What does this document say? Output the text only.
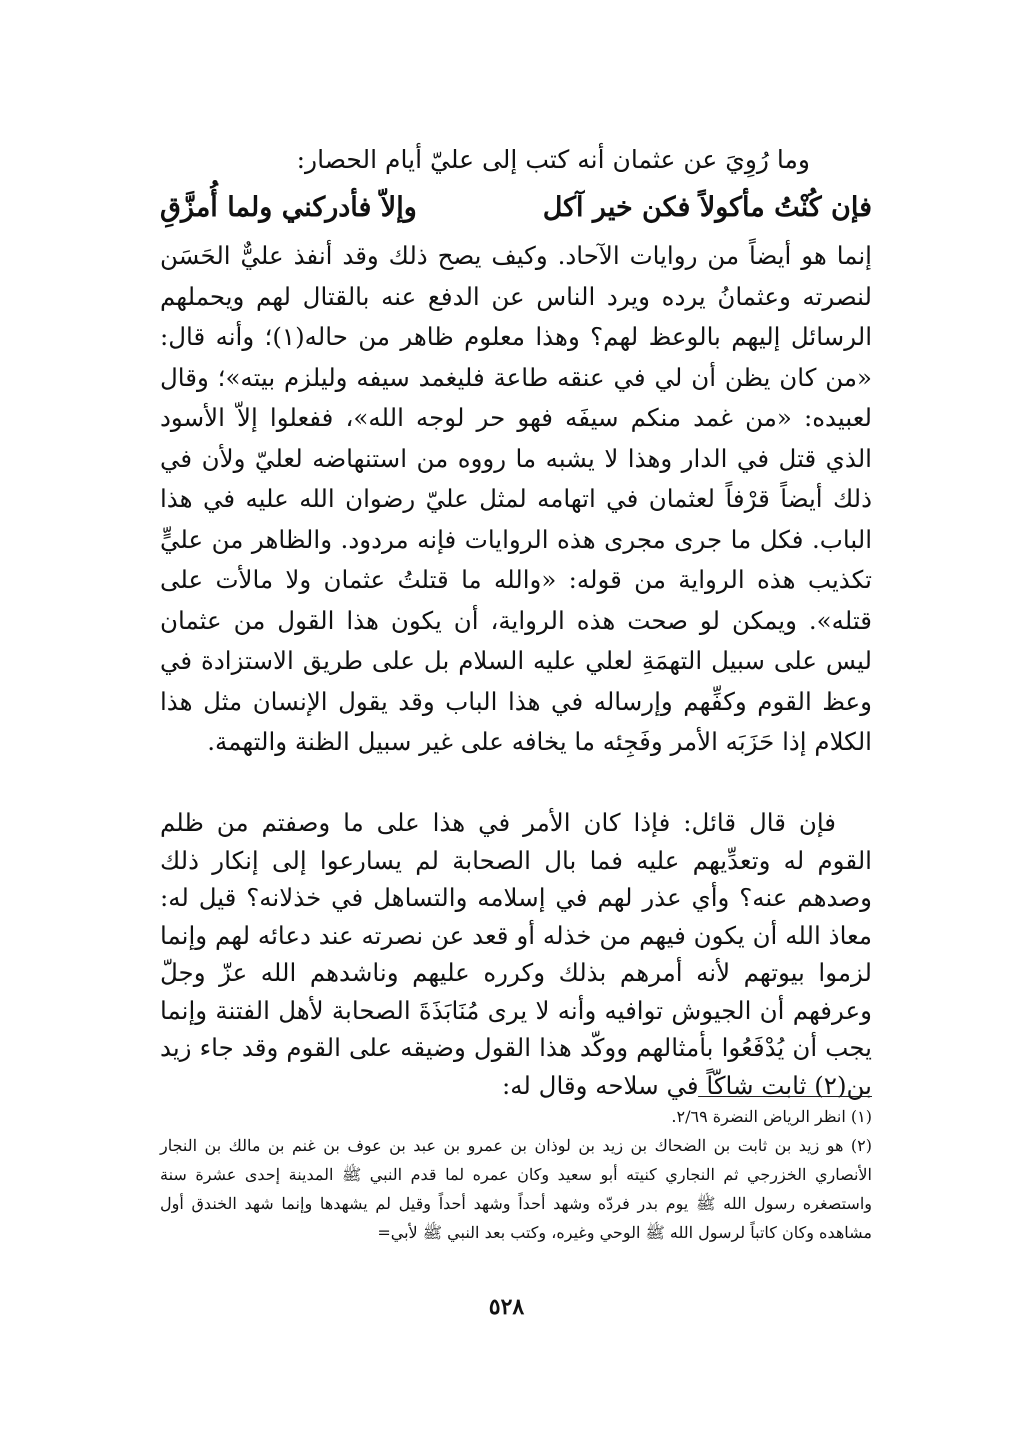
وما رُوِيَ عن عثمان أنه كتب إلى عليّ أيام الحصار:
فإن كُنْتُ مأكولاً فكن خير آكل
وإلاّ فأدركني ولما أُمزَّقِ
إنما هو أيضاً من روايات الآحاد. وكيف يصح ذلك وقد أنفذ عليٌّ الحَسَن لنصرته وعثمانُ يرده ويرد الناس عن الدفع عنه بالقتال لهم ويحملهم الرسائل إليهم بالوعظ لهم؟ وهذا معلوم ظاهر من حاله(١)؛ وأنه قال: «من كان يظن أن لي في عنقه طاعة فليغمد سيفه وليلزم بيته»؛ وقال لعبيده: «من غمد منكم سيفَه فهو حر لوجه الله»، ففعلوا إلاّ الأسود الذي قتل في الدار وهذا لا يشبه ما رووه من استنهاضه لعليّ ولأن في ذلك أيضاً قرْفاً لعثمان في اتهامه لمثل عليّ رضوان الله عليه في هذا الباب. فكل ما جرى مجرى هذه الروايات فإنه مردود. والظاهر من عليٍّ تكذيب هذه الرواية من قوله: «والله ما قتلتُ عثمان ولا مالأت على قتله». ويمكن لو صحت هذه الرواية، أن يكون هذا القول من عثمان ليس على سبيل التهمَةِ لعلي عليه السلام بل على طريق الاستزادة في وعظ القوم وكفِّهم وإرساله في هذا الباب وقد يقول الإنسان مثل هذا الكلام إذا حَزَبَه الأمر وفَجِئه ما يخافه على غير سبيل الظنة والتهمة.
فإن قال قائل: فإذا كان الأمر في هذا على ما وصفتم من ظلم القوم له وتعدِّيهم عليه فما بال الصحابة لم يسارعوا إلى إنكار ذلك وصدهم عنه؟ وأي عذر لهم في إسلامه والتساهل في خذلانه؟ قيل له: معاذ الله أن يكون فيهم من خذله أو قعد عن نصرته عند دعائه لهم وإنما لزموا بيوتهم لأنه أمرهم بذلك وكرره عليهم وناشدهم الله عزّ وجلّ وعرفهم أن الجيوش توافيه وأنه لا يرى مُنَابَذَةَ الصحابة لأهل الفتنة وإنما يجب أن يُدْفَعُوا بأمثالهم ووكّد هذا القول وضيقه على القوم وقد جاء زيد بن(٢) ثابت شاكّاً في سلاحه وقال له:
(١) انظر الرياض النضرة ٢/٦٩.
(٢) هو زيد بن ثابت بن الضحاك بن زيد بن لوذان بن عمرو بن عبد بن عوف بن غنم بن مالك بن النجار الأنصاري الخزرجي ثم النجاري كنيته أبو سعيد وكان عمره لما قدم النبي ﷺ المدينة إحدى عشرة سنة واستصغره رسول الله ﷺ يوم بدر فردّه وشهد أحداً وشهد أحداً وقيل لم يشهدها وإنما شهد الخندق أول مشاهده وكان كاتباً لرسول الله ﷺ الوحي وغيره، وكتب بعد النبي ﷺ لأبي=
٥٢٨
